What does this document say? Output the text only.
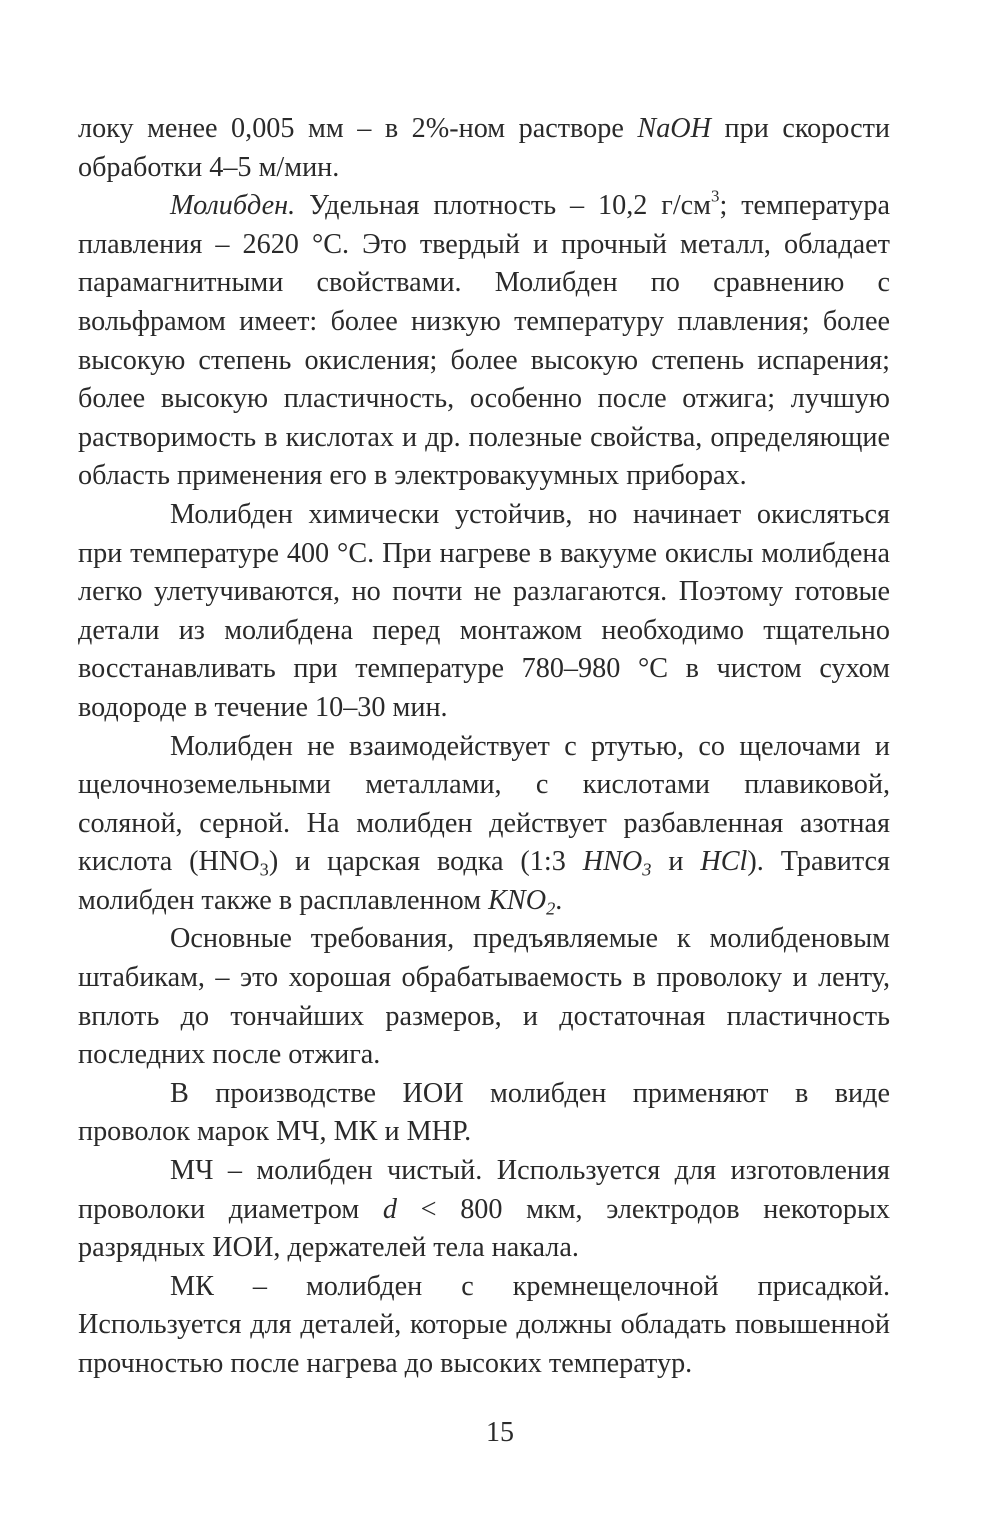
локу менее 0,005 мм – в 2%-ном растворе NaOH при скорости обработки 4–5 м/мин.

Молибден. Удельная плотность – 10,2 $г/см^3$; температура плавления – 2620 °С. Это твердый и прочный металл, обладает парамагнитными свойствами. Молибден по сравнению с вольфрамом имеет: более низкую температуру плавления; более высокую степень окисления; более высокую степень испарения; более высокую пластичность, особенно после отжига; лучшую растворимость в кислотах и др. полезные свойства, определяющие область применения его в электровакуумных приборах.

Молибден химически устойчив, но начинает окисляться при температуре 400 °С. При нагреве в вакууме окислы молибдена легко улетучиваются, но почти не разлагаются. Поэтому готовые детали из молибдена перед монтажом необходимо тщательно восстанавливать при температуре 780–980 °С в чистом сухом водороде в течение 10–30 мин.

Молибден не взаимодействует с ртутью, со щелочами и щелочноземельными металлами, с кислотами плавиковой, соляной, серной. На молибден действует разбавленная азотная кислота $(HNO_3)$ и царская водка (1:3 $HNO_3$ и HCl). Травится молибден также в расплавленном $KNO_2$.

Основные требования, предъявляемые к молибденовым штабикам, – это хорошая обрабатываемость в проволоку и ленту, вплоть до тончайших размеров, и достаточная пластичность последних после отжига.

В производстве ИОИ молибден применяют в виде проволок марок МЧ, МК и МНР.

МЧ – молибден чистый. Используется для изготовления проволоки диаметром d < 800 мкм, электродов некоторых разрядных ИОИ, держателей тела накала.

МК – молибден с кремнещелочной присадкой. Используется для деталей, которые должны обладать повышенной прочностью после нагрева до высоких температур.

15
